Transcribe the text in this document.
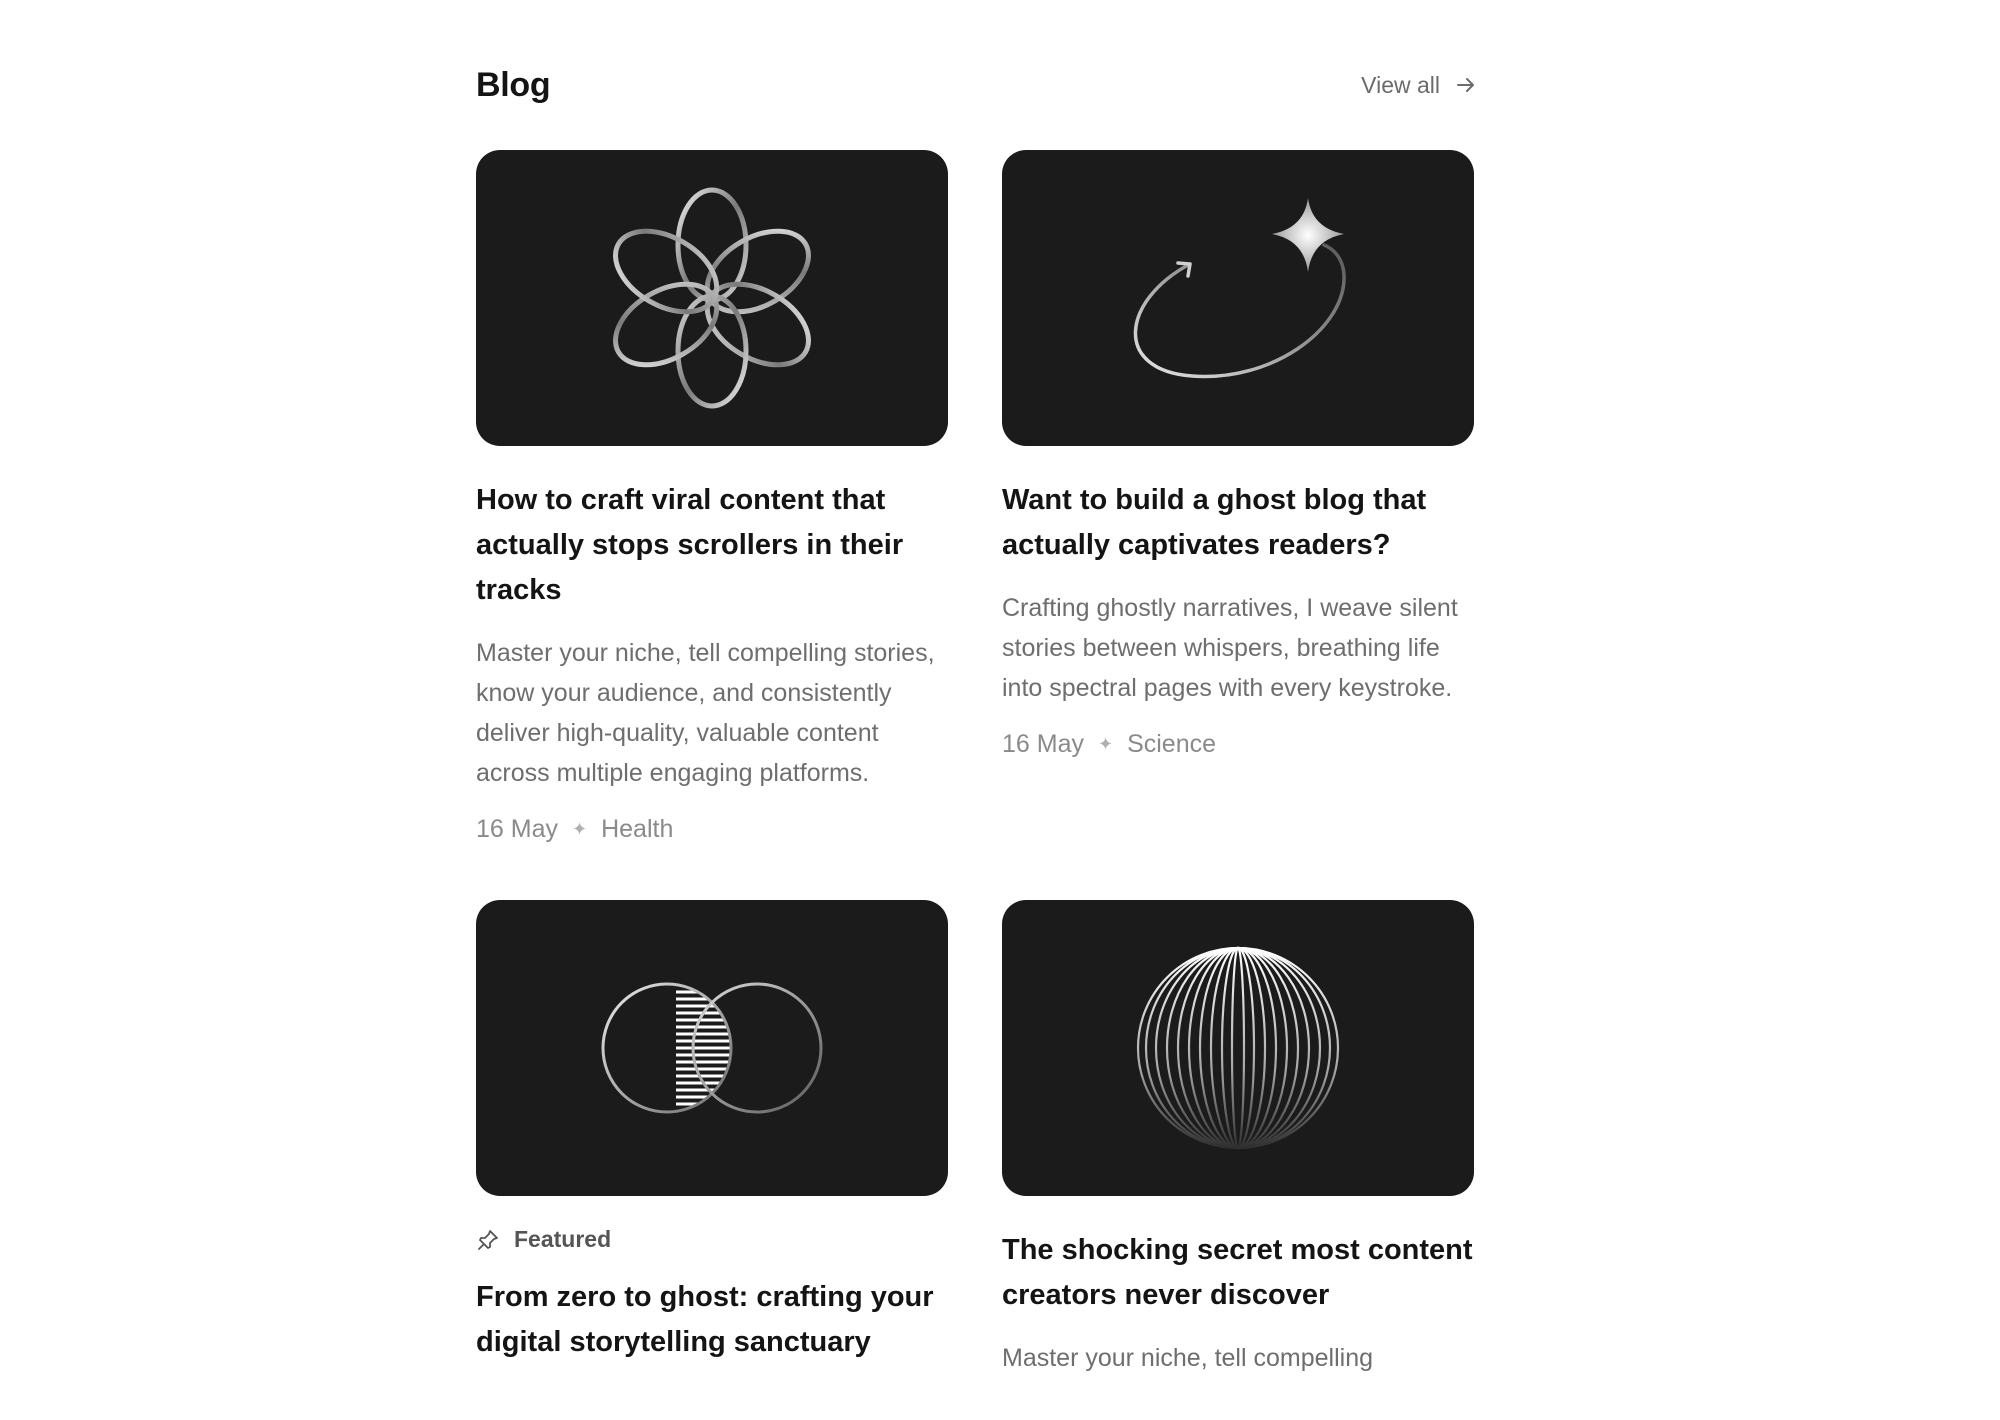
Blog	View all
How to craft viral content that actually stops scrollers in their tracks
Master your niche, tell compelling stories, know your audience, and consistently deliver high-quality, valuable content across multiple engaging platforms.
16 May ✦ Health
Want to build a ghost blog that actually captivates readers?
Crafting ghostly narratives, I weave silent stories between whispers, breathing life into spectral pages with every keystroke.
16 May ✦ Science
Featured
From zero to ghost: crafting your digital storytelling sanctuary
The shocking secret most content creators never discover
Master your niche, tell compelling
